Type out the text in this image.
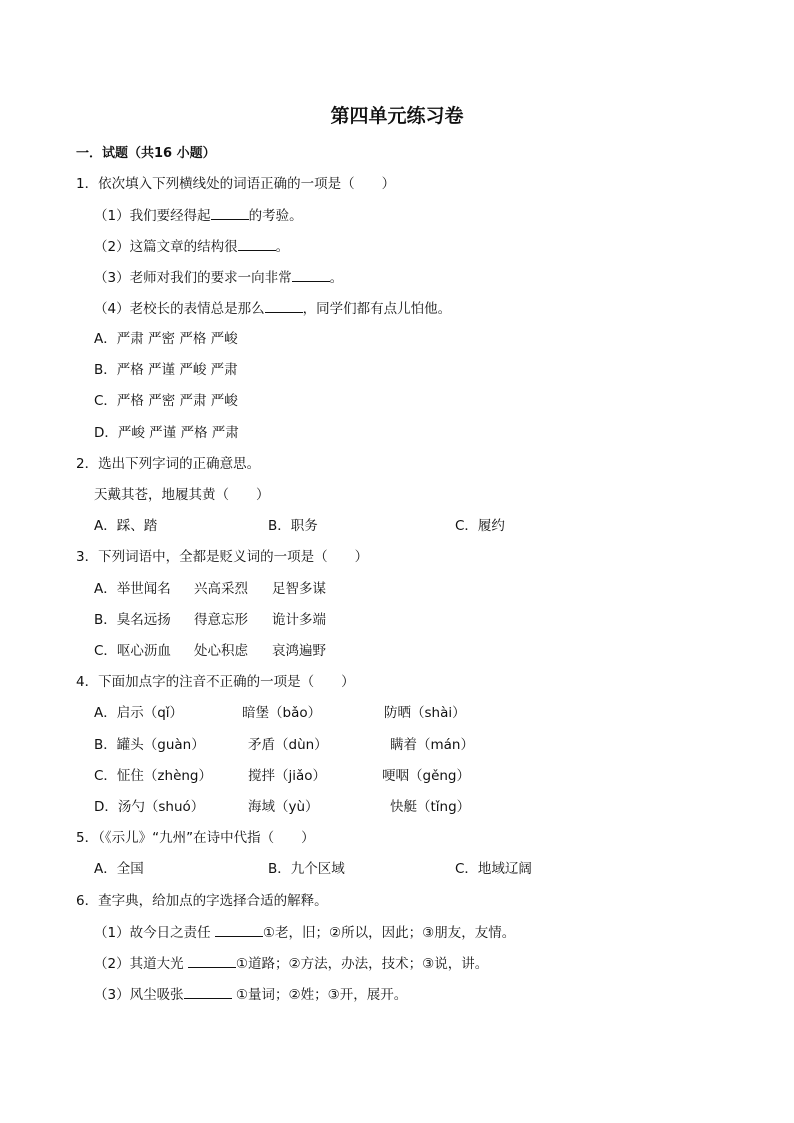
第四单元练习卷
一．试题（共16 小题）
1．依次填入下列横线处的词语正确的一项是（　　）
（1）我们要经得起	的考验。
（2）这篇文章的结构很	。
（3）老师对我们的要求一向非常	。
（4）老校长的表情总是那么	，同学们都有点儿怕他。
A．严肃 严密 严格 严峻
B．严格 严谨 严峻 严肃
C．严格 严密 严肃 严峻
D．严峻 严谨 严格 严肃
2．选出下列字词的正确意思。
天戴其苍，地履其黄（　　）
A．踩、踏	B．职务	C．履约
3．下列词语中，全都是贬义词的一项是（　　）
A．举世闻名 兴高采烈 足智多谋
B．臭名远扬 得意忘形 诡计多端
C．呕心沥血 处心积虑 哀鸿遍野
4．下面加点字的注音不正确的一项是（　　）
A．启示（qǐ）	暗堡（bǎo）	防晒（shài）
B．罐头（guàn）	矛盾（dùn）	瞒着（mán）
C．怔住（zhèng）	搅拌（jiǎo）	哽咽（gěng）
D．汤勺（shuó）	海域（yù）	快艇（tǐng）
5．（《示儿》“九州”在诗中代指（　　）
A．全国	B．九个区域	C．地域辽阔
6．查字典，给加点的字选择合适的解释。
（1）故今日之责任	①老，旧；②所以，因此；③朋友，友情。
（2）其道大光	①道路；②方法，办法，技术；③说，讲。
（3）风尘吸张	①量词；②姓；③开，展开。
